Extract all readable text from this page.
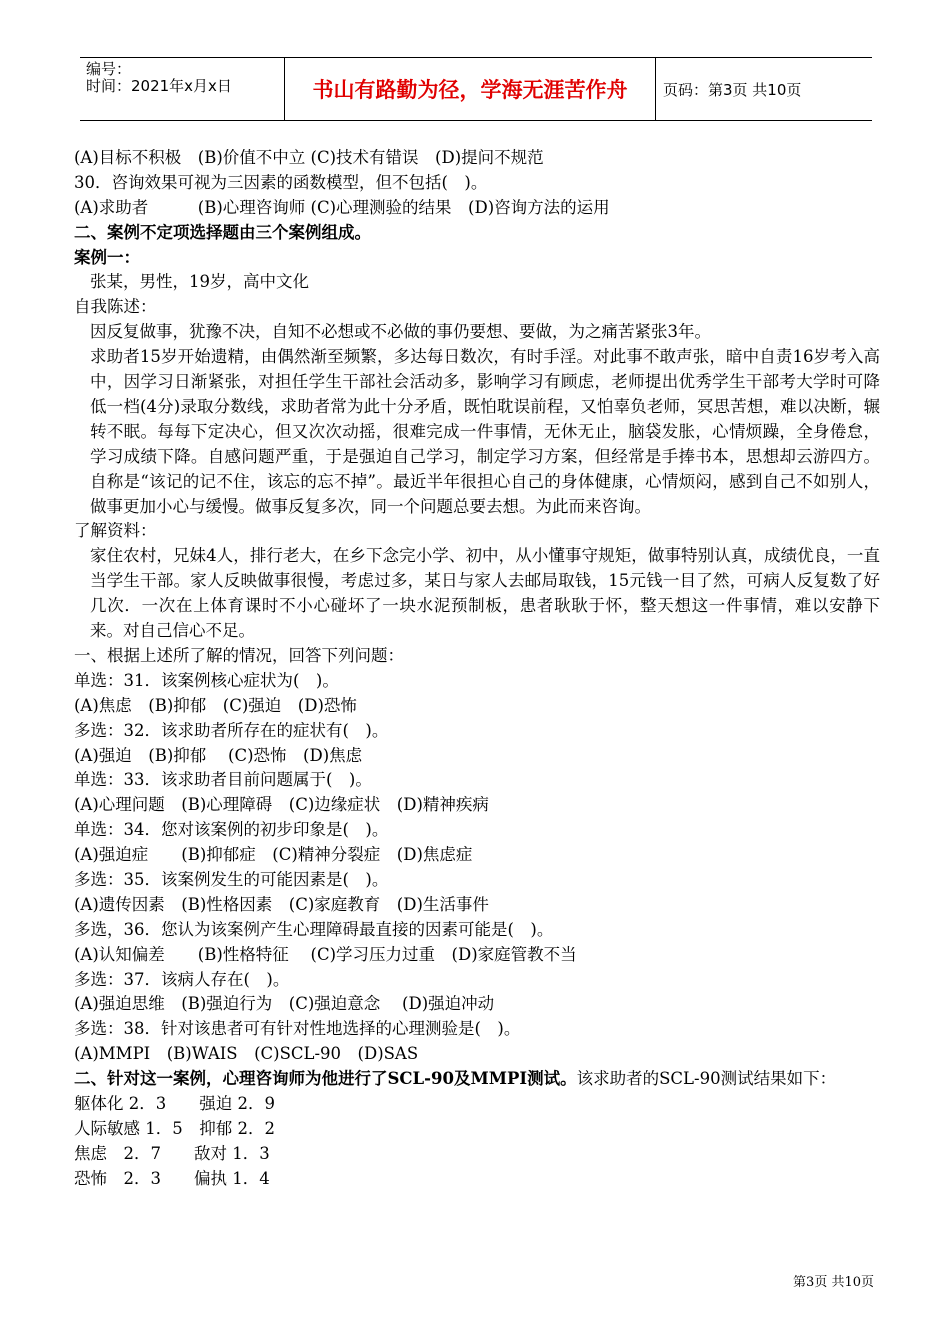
编号：
时间：2021年x月x日	书山有路勤为径，学海无涯苦作舟	页码：第3页 共10页
(A)目标不积极　(B)价值不中立 (C)技术有错误　(D)提问不规范
30．咨询效果可视为三因素的函数模型，但不包括(　)。
(A)求助者　　　(B)心理咨询师 (C)心理测验的结果　(D)咨询方法的运用
二、案例不定项选择题由三个案例组成。
案例一：
张某，男性，19岁，高中文化
自我陈述：
因反复做事，犹豫不决，自知不必想或不必做的事仍要想、要做，为之痛苦紧张3年。
求助者15岁开始遗精，由偶然渐至频繁，多达每日数次，有时手淫。对此事不敢声张，暗中自责16岁考入高中，因学习日渐紧张，对担任学生干部社会活动多，影响学习有顾虑，老师提出优秀学生干部考大学时可降低一档(4分)录取分数线，求助者常为此十分矛盾，既怕耽误前程，又怕辜负老师，冥思苦想，难以决断，辗转不眠。每每下定决心，但又次次动摇，很难完成一件事情，无休无止，脑袋发胀，心情烦躁，全身倦怠，学习成绩下降。自感问题严重，于是强迫自己学习，制定学习方案，但经常是手捧书本，思想却云游四方。自称是“该记的记不住，该忘的忘不掉”。最近半年很担心自己的身体健康，心情烦闷，感到自己不如别人，做事更加小心与缓慢。做事反复多次，同一个问题总要去想。为此而来咨询。
了解资料：
家住农村，兄妹4人，排行老大，在乡下念完小学、初中，从小懂事守规矩，做事特别认真，成绩优良，一直当学生干部。家人反映做事很慢，考虑过多，某日与家人去邮局取钱，15元钱一目了然，可病人反复数了好几次．一次在上体育课时不小心碰坏了一块水泥预制板，患者耿耿于怀，整天想这一件事情，难以安静下来。对自己信心不足。
一、根据上述所了解的情况，回答下列问题：
单选：31．该案例核心症状为(　)。
(A)焦虑　(B)抑郁　(C)强迫　(D)恐怖
多选：32．该求助者所存在的症状有(　)。
(A)强迫　(B)抑郁　 (C)恐怖　(D)焦虑
单选：33．该求助者目前问题属于(　)。
(A)心理问题　(B)心理障碍　(C)边缘症状　(D)精神疾病
单选：34．您对该案例的初步印象是(　)。
(A)强迫症　　(B)抑郁症　(C)精神分裂症　(D)焦虑症
多选：35．该案例发生的可能因素是(　)。
(A)遗传因素　(B)性格因素　(C)家庭教育　(D)生活事件
多选，36．您认为该案例产生心理障碍最直接的因素可能是(　)。
(A)认知偏差　　(B)性格特征　 (C)学习压力过重　(D)家庭管教不当
多选：37．该病人存在(　)。
(A)强迫思维　(B)强迫行为　(C)强迫意念　 (D)强迫冲动
多选：38．针对该患者可有针对性地选择的心理测验是(　)。
(A)MMPI　(B)WAIS　(C)SCL-90　(D)SAS
二、针对这一案例，心理咨询师为他进行了SCL-90及MMPI测试。该求助者的SCL-90测试结果如下：
躯体化 2．3　　强迫 2．9
人际敏感 1．5　抑郁 2．2
焦虑　2．7　　敌对 1．3
恐怖　2．3　　偏执 1．4
第3页 共10页
